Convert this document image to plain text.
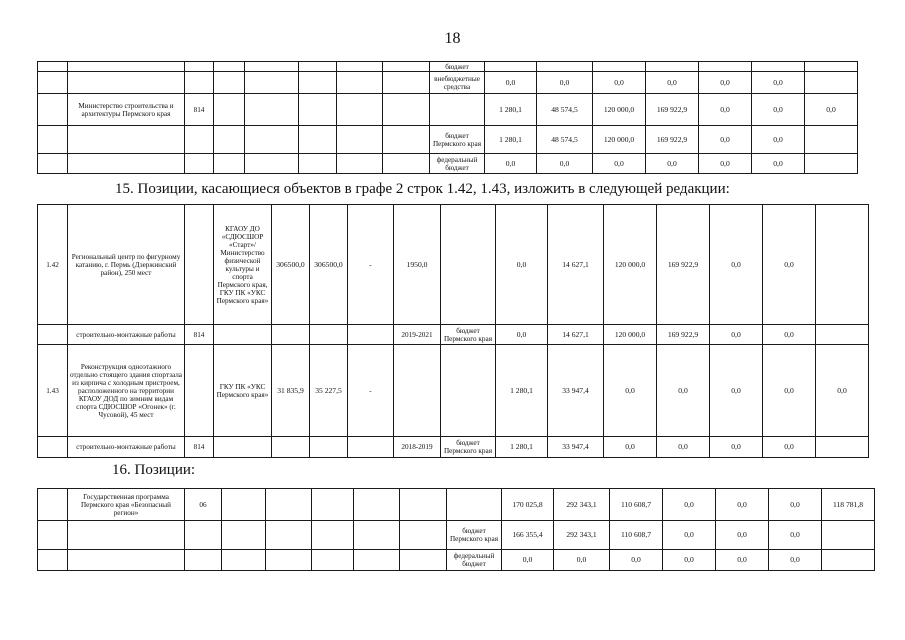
18
								бюджет							
								внебюджетные средства	0,0	0,0	0,0	0,0	0,0	0,0	
	Министерство строительства и архитектуры Пермского края	814							1 280,1	48 574,5	120 000,0	169 922,9	0,0	0,0	0,0
								бюджет Пермского края	1 280,1	48 574,5	120 000,0	169 922,9	0,0	0,0	
								федеральный бюджет	0,0	0,0	0,0	0,0	0,0	0,0	
15. Позиции, касающиеся объектов в графе 2 строк 1.42, 1.43, изложить в следующей редакции:
1.42	Региональный центр по фигурному катанию, г. Пермь (Дзержинский район), 250 мест		КГАОУ ДО «СДЮСШОР «Старт»/ Министерство физической культуры и спорта Пермского края, ГКУ ПК «УКС Пермского края»	306500,0	306500,0	-	1950,0		0,0	14 627,1	120 000,0	169 922,9	0,0	0,0	
	строительно-монтажные работы	814					2019-2021	бюджет Пермского края	0,0	14 627,1	120 000,0	169 922,9	0,0	0,0	
1.43	Реконструкция одноэтажного отдельно стоящего здания спортзала из кирпича с холодным пристроем, расположенного на территории КГАОУ ДОД по зимним видам спорта СДЮСШОР «Огонек» (г. Чусовой), 45 мест		ГКУ ПК «УКС Пермского края»	31 835,9	35 227,5	-			1 280,1	33 947,4	0,0	0,0	0,0	0,0	0,0
	строительно-монтажные работы	814					2018-2019	бюджет Пермского края	1 280,1	33 947,4	0,0	0,0	0,0	0,0	
16. Позиции:
	Государственная программа Пермского края «Безопасный регион»	06							170 025,8	292 343,1	110 608,7	0,0	0,0	0,0	118 781,8
								бюджет Пермского края	166 355,4	292 343,1	110 608,7	0,0	0,0	0,0	
								федеральный бюджет	0,0	0,0	0,0	0,0	0,0	0,0	
